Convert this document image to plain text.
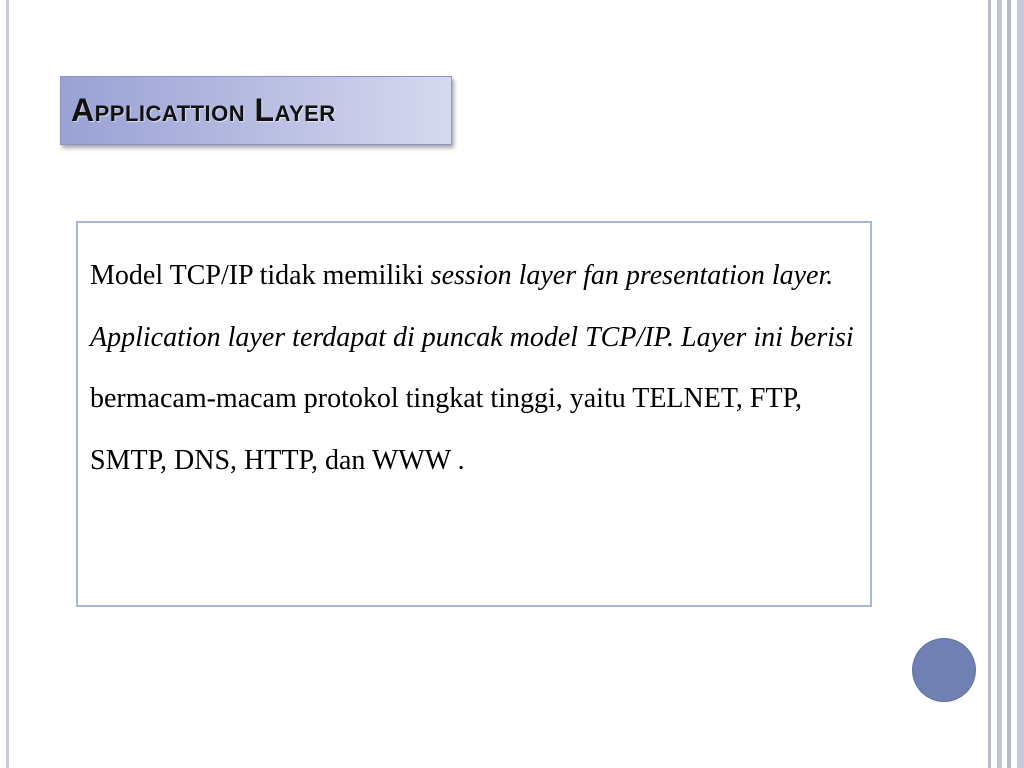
Applicattion Layer

Model TCP/IP tidak memiliki session layer fan presentation layer. Application layer terdapat di puncak model TCP/IP. Layer ini berisi bermacam-macam protokol tingkat tinggi, yaitu TELNET, FTP, SMTP, DNS, HTTP, dan WWW .
